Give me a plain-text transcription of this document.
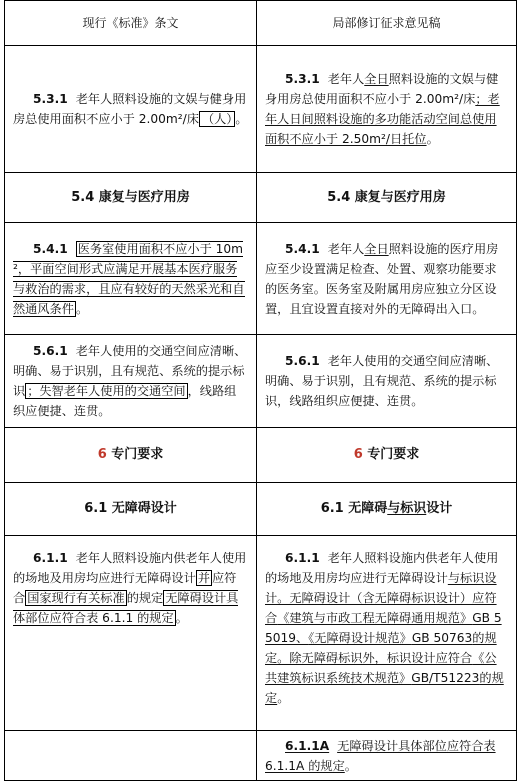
现行《标准》条文	局部修订征求意见稿
5.3.1 老年人照料设施的文娱与健身用房总使用面积不应小于 2.00m²/床 （人） 。	5.3.1 老年人全日照料设施的文娱与健身用房总使用面积不应小于 2.00m²/床；老年人日间照料设施的多功能活动空间总使用面积不应小于 2.50m²/日托位。
5.4 康复与医疗用房	5.4 康复与医疗用房
5.4.1 医务室使用面积不应小于 10m²，平面空间形式应满足开展基本医疗服务与救治的需求，且应有较好的天然采光和自然通风条件 。	5.4.1 老年人全日照料设施的医疗用房应至少设置满足检查、处置、观察功能要求的医务室。医务室及附属用房应独立分区设置，且宜设置直接对外的无障碍出入口。
5.6.1 老年人使用的交通空间应清晰、明确、易于识别，且有规范、系统的提示标识 ；失智老年人使用的交通空间 ，线路组织应便捷、连贯。	5.6.1 老年人使用的交通空间应清晰、明确、易于识别，且有规范、系统的提示标识，线路组织应便捷、连贯。
6 专门要求	6 专门要求
6.1 无障碍设计	6.1 无障碍与标识设计
6.1.1 老年人照料设施内供老年人使用的场地及用房均应进行无障碍设计 并 应符合 国家现行有关标准 的规定 无障碍设计具体部位应符合表 6.1.1 的规定 。	6.1.1 老年人照料设施内供老年人使用的场地及用房均应进行无障碍设计与标识设计。无障碍设计（含无障碍标识设计）应符合《建筑与市政工程无障碍通用规范》GB 55019、《无障碍设计规范》GB 50763的规定。除无障碍标识外，标识设计应符合《公共建筑标识系统技术规范》GB/T51223的规定。
	6.1.1A 无障碍设计具体部位应符合表 6.1.1A 的规定。
